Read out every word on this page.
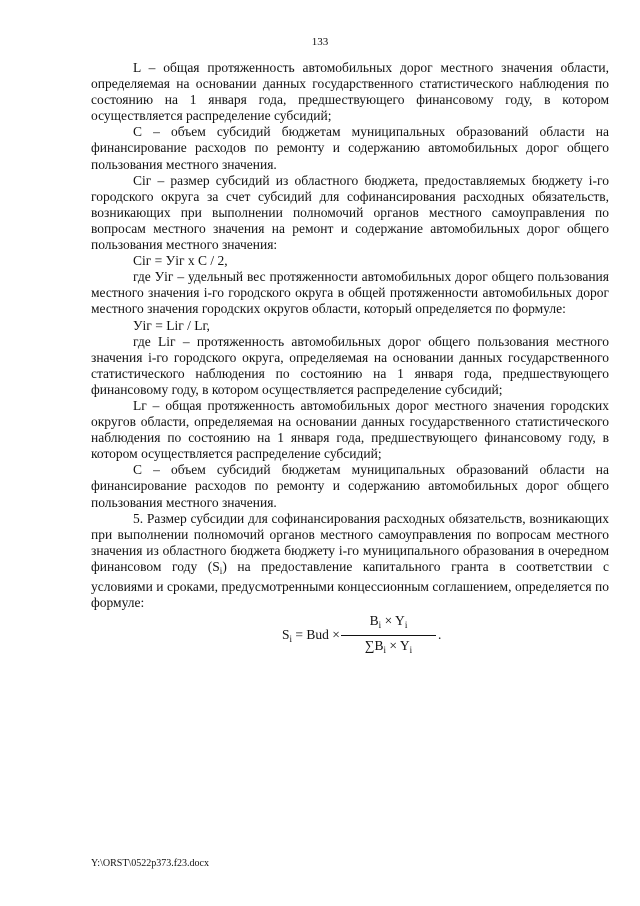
133

L – общая протяженность автомобильных дорог местного значения области, определяемая на основании данных государственного статистического наблюдения по состоянию на 1 января года, предшествующего финансовому году, в котором осуществляется распределение субсидий;

С – объем субсидий бюджетам муниципальных образований области на финансирование расходов по ремонту и содержанию автомобильных дорог общего пользования местного значения.

Ciг – размер субсидий из областного бюджета, предоставляемых бюджету i-го городского округа за счет субсидий для софинансирования расходных обязательств, возникающих при выполнении полномочий органов местного самоуправления по вопросам местного значения на ремонт и содержание автомобильных дорог общего пользования местного значения:

Ciг = Уiг х С / 2,

где Уiг – удельный вес протяженности автомобильных дорог общего пользования местного значения i-го городского округа в общей протяженности автомобильных дорог местного значения городских округов области, который определяется по формуле:

Уiг = Liг / Lг,

где Liг – протяженность автомобильных дорог общего пользования местного значения i-го городского округа, определяемая на основании данных государственного статистического наблюдения по состоянию на 1 января года, предшествующего финансовому году, в котором осуществляется распределение субсидий;

Lг – общая протяженность автомобильных дорог местного значения городских округов области, определяемая на основании данных государственного статистического наблюдения по состоянию на 1 января года, предшествующего финансовому году, в котором осуществляется распределение субсидий;

С – объем субсидий бюджетам муниципальных образований области на финансирование расходов по ремонту и содержанию автомобильных дорог общего пользования местного значения.

5. Размер субсидии для софинансирования расходных обязательств, возникающих при выполнении полномочий органов местного самоуправления по вопросам местного значения из областного бюджета бюджету i-го муниципального образования в очередном финансовом году $(S_i)$ на предоставление капитального гранта в соответствии с условиями и сроками, предусмотренными концессионным соглашением, определяется по формуле:

$S_i$ = Bud × $\frac{B_i \times Y_i}{\sum B_i \times Y_i}$ .
Y:\ORST\0522p373.f23.docx
